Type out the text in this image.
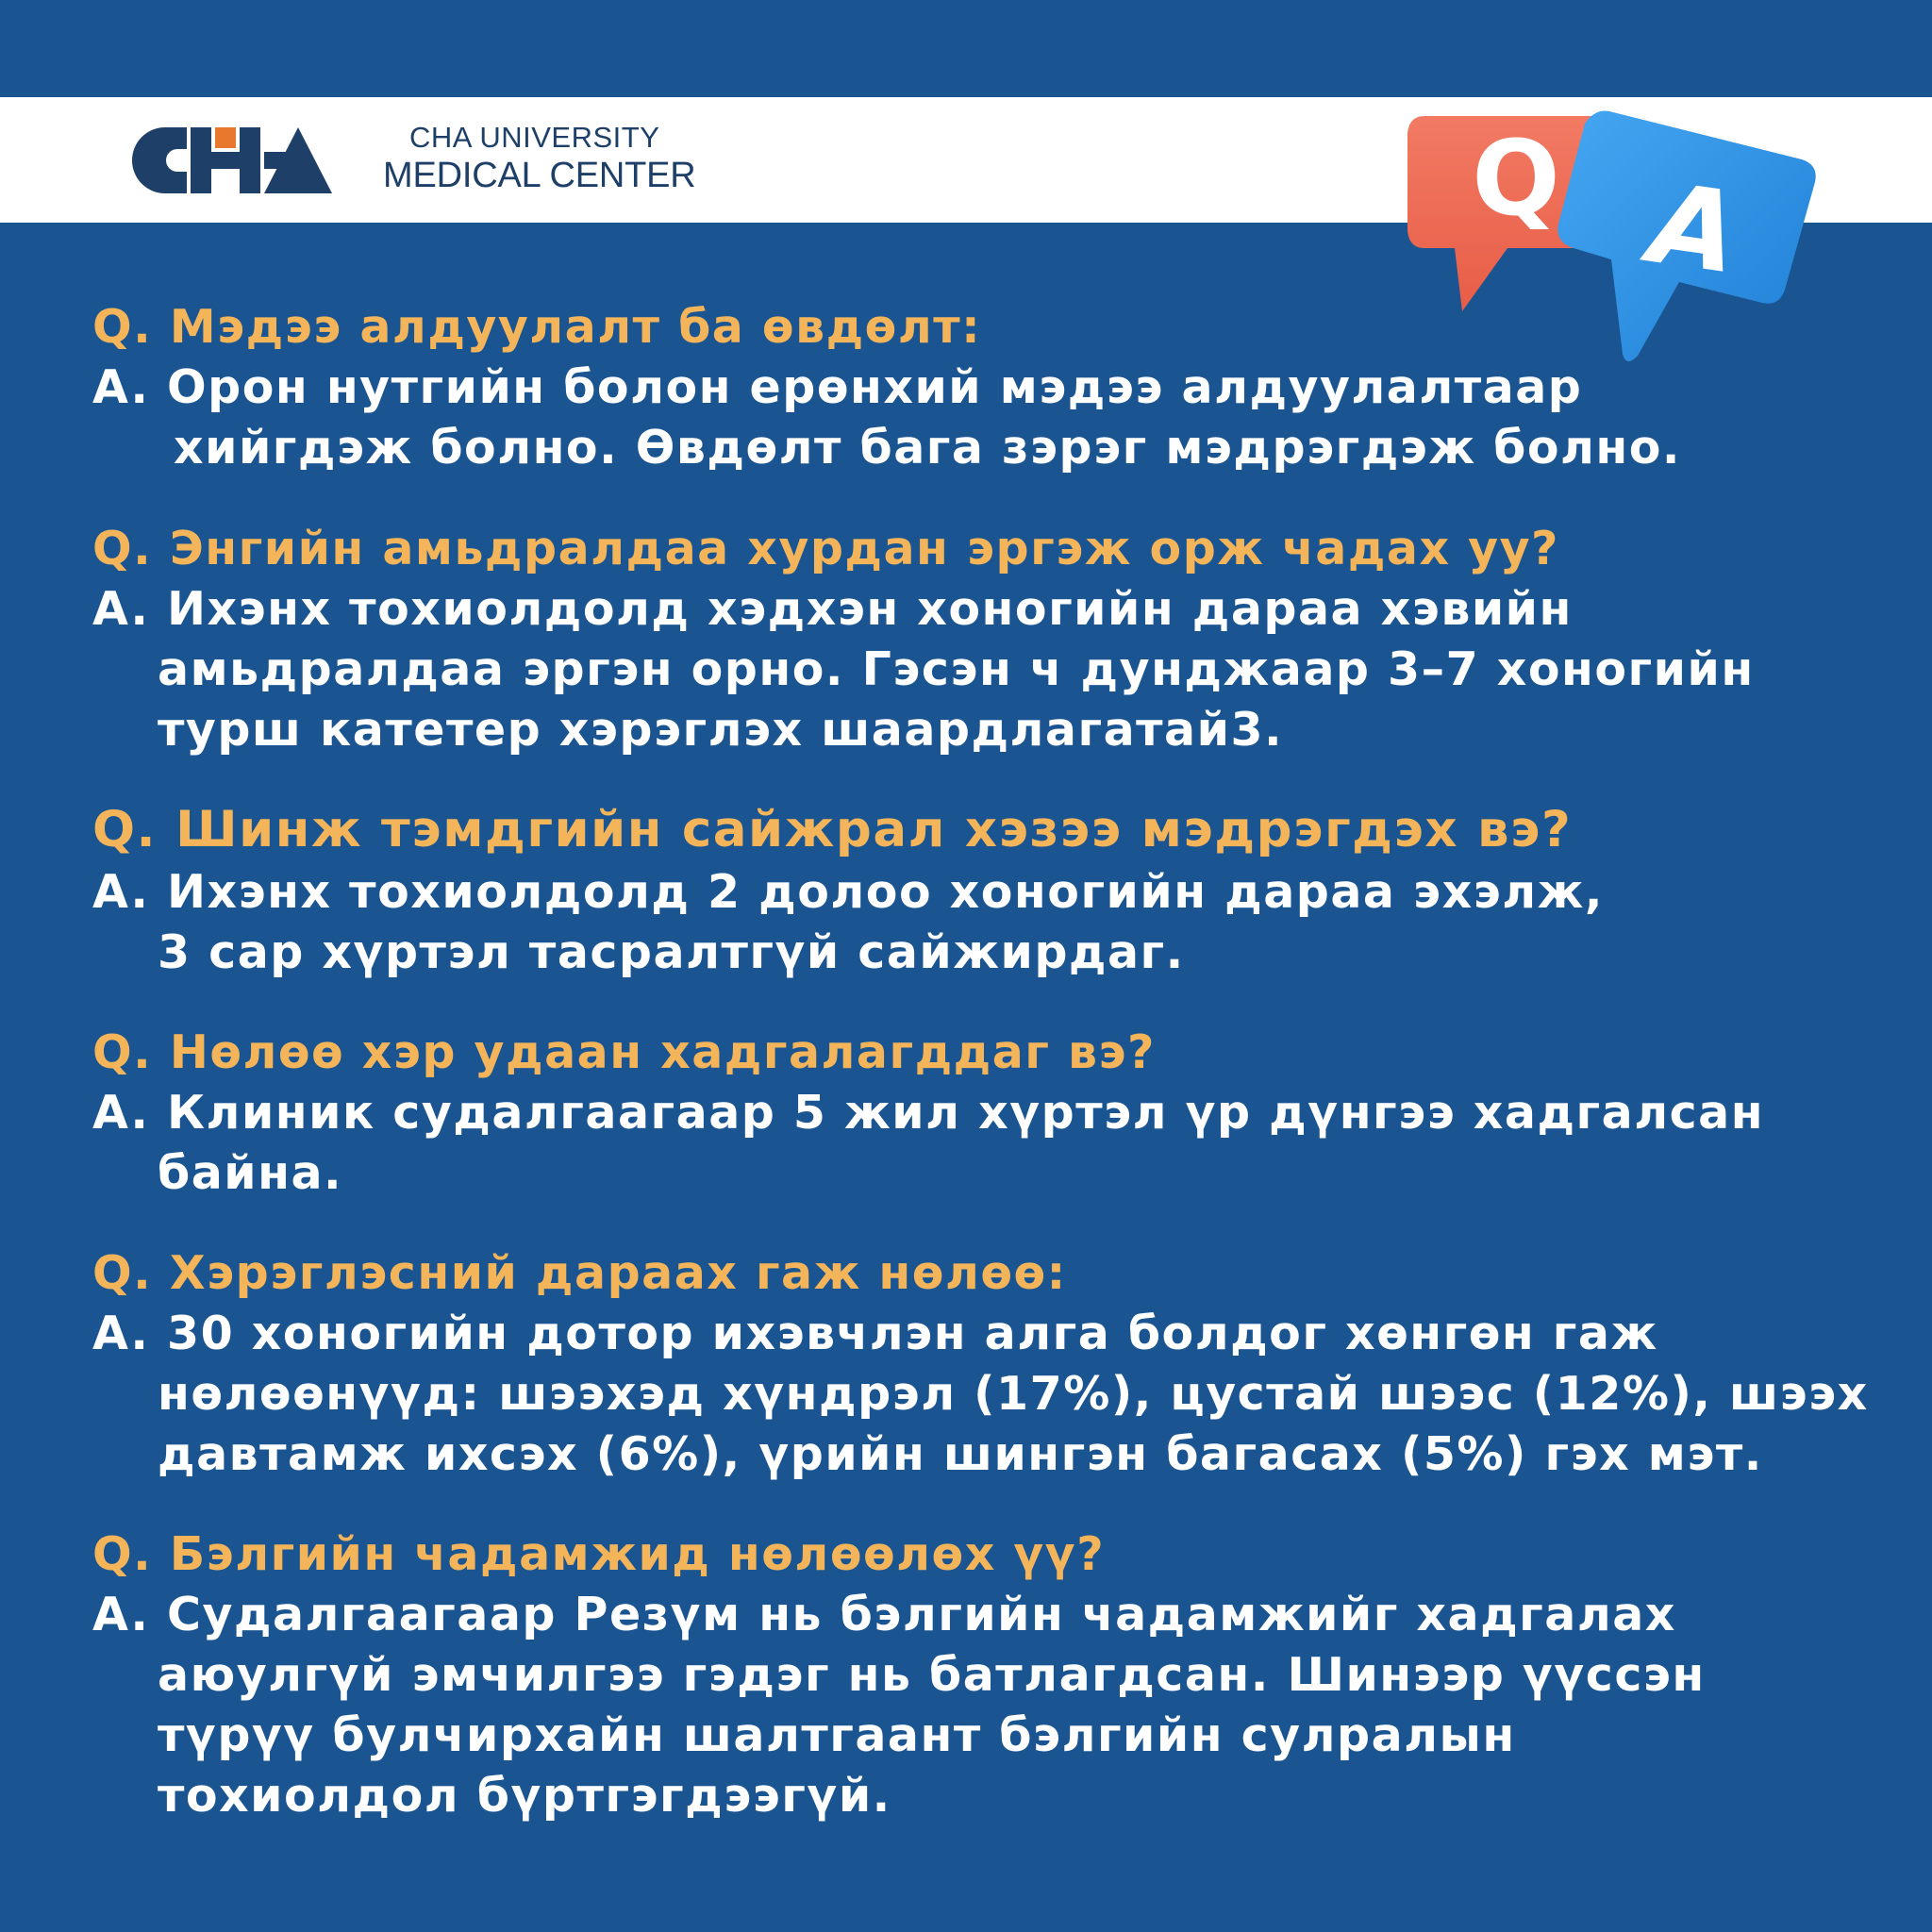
CHA UNIVERSITY
MEDICAL CENTER	Q A
Q. Мэдээ алдуулалт ба өвдөлт:
A. Орон нутгийн болон ерөнхий мэдээ алдуулалтаар
хийгдэж болно. Өвдөлт бага зэрэг мэдрэгдэж болно.
Q. Энгийн амьдралдаа хурдан эргэж орж чадах уу?
A. Ихэнх тохиолдолд хэдхэн хоногийн дараа хэвийн
амьдралдаа эргэн орно. Гэсэн ч дунджаар 3–7 хоногийн
турш катетер хэрэглэх шаардлагатай3.
Q. Шинж тэмдгийн сайжрал хэзээ мэдрэгдэх вэ?
A. Ихэнх тохиолдолд 2 долоо хоногийн дараа эхэлж,
3 сар хүртэл тасралтгүй сайжирдаг.
Q. Нөлөө хэр удаан хадгалагддаг вэ?
A. Клиник судалгаагаар 5 жил хүртэл үр дүнгээ хадгалсан
байна.
Q. Хэрэглэсний дараах гаж нөлөө:
A. 30 хоногийн дотор ихэвчлэн алга болдог хөнгөн гаж
нөлөөнүүд: шээхэд хүндрэл (17%), цустай шээс (12%), шээх
давтамж ихсэх (6%), үрийн шингэн багасах (5%) гэх мэт.
Q. Бэлгийн чадамжид нөлөөлөх үү?
A. Судалгаагаар Резүм нь бэлгийн чадамжийг хадгалах
аюулгүй эмчилгээ гэдэг нь батлагдсан. Шинээр үүссэн
түрүү булчирхайн шалтгаант бэлгийн сулралын
тохиолдол бүртгэгдээгүй.
